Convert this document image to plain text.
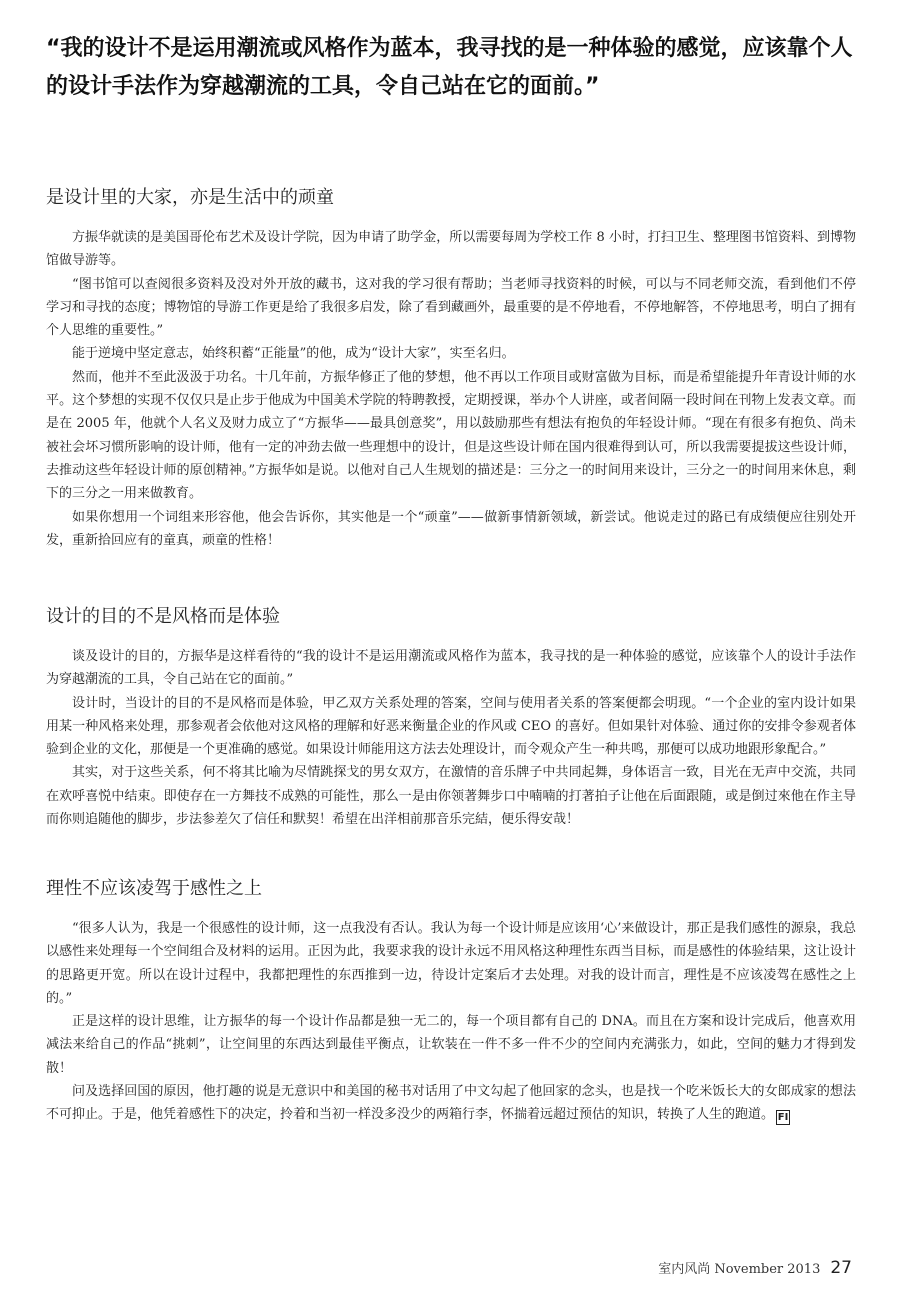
“我的设计不是运用潮流或风格作为蓝本，我寻找的是一种体验的感觉，应该靠个人的设计手法作为穿越潮流的工具，令自己站在它的面前。”
是设计里的大家，亦是生活中的顽童

方振华就读的是美国哥伦布艺术及设计学院，因为申请了助学金，所以需要每周为学校工作 8 小时，打扫卫生、整理图书馆资料、到博物馆做导游等。

“图书馆可以查阅很多资料及没对外开放的藏书，这对我的学习很有帮助；当老师寻找资料的时候，可以与不同老师交流，看到他们不停学习和寻找的态度；博物馆的导游工作更是给了我很多启发，除了看到藏画外，最重要的是不停地看，不停地解答，不停地思考，明白了拥有个人思维的重要性。”

能于逆境中坚定意志，始终积蓄“正能量”的他，成为“设计大家”，实至名归。

然而，他并不至此汲汲于功名。十几年前，方振华修正了他的梦想，他不再以工作项目或财富做为目标，而是希望能提升年青设计师的水平。这个梦想的实现不仅仅只是止步于他成为中国美术学院的特聘教授，定期授课，举办个人讲座，或者间隔一段时间在刊物上发表文章。而是在 2005 年，他就个人名义及财力成立了“方振华——最具创意奖”，用以鼓励那些有想法有抱负的年轻设计师。“现在有很多有抱负、尚未被社会坏习惯所影响的设计师，他有一定的冲劲去做一些理想中的设计，但是这些设计师在国内很难得到认可，所以我需要提拔这些设计师，去推动这些年轻设计师的原创精神。”方振华如是说。以他对自己人生规划的描述是：三分之一的时间用来设计，三分之一的时间用来休息，剩下的三分之一用来做教育。

如果你想用一个词组来形容他，他会告诉你，其实他是一个“顽童”——做新事情新领域，新尝试。他说走过的路已有成绩便应往别处开发，重新拾回应有的童真，顽童的性格！

设计的目的不是风格而是体验

谈及设计的目的，方振华是这样看待的“我的设计不是运用潮流或风格作为蓝本，我寻找的是一种体验的感觉，应该靠个人的设计手法作为穿越潮流的工具，令自己站在它的面前。”

设计时，当设计的目的不是风格而是体验，甲乙双方关系处理的答案，空间与使用者关系的答案便都会明现。“一个企业的室内设计如果用某一种风格来处理，那参观者会依他对这风格的理解和好恶来衡量企业的作风或 CEO 的喜好。但如果针对体验、通过你的安排令参观者体验到企业的文化，那便是一个更准确的感觉。如果设计师能用这方法去处理设计，而令观众产生一种共鸣，那便可以成功地跟形象配合。”

其实，对于这些关系，何不将其比喻为尽情跳探戈的男女双方，在激情的音乐牌子中共同起舞，身体语言一致，目光在无声中交流，共同在欢呼喜悦中结束。即使存在一方舞技不成熟的可能性，那么一是由你领著舞步口中喃喃的打著拍子让他在后面跟随，或是倒过來他在作主导而你则追随他的脚步，步法参差欠了信任和默契！希望在出洋相前那音乐完結，便乐得安哉！

理性不应该凌驾于感性之上

“很多人认为，我是一个很感性的设计师，这一点我没有否认。我认为每一个设计师是应该用‘心’来做设计，那正是我们感性的源泉，我总以感性来处理每一个空间组合及材料的运用。正因为此，我要求我的设计永远不用风格这种理性东西当目标，而是感性的体验结果，这让设计的思路更开宽。所以在设计过程中，我都把理性的东西推到一边，待设计定案后才去处理。对我的设计而言，理性是不应该凌驾在感性之上的。”

正是这样的设计思维，让方振华的每一个设计作品都是独一无二的，每一个项目都有自己的 DNA。而且在方案和设计完成后，他喜欢用减法来给自己的作品“挑刺”，让空间里的东西达到最佳平衡点，让软装在一件不多一件不少的空间内充满张力，如此，空间的魅力才得到发散！

问及选择回国的原因，他打趣的说是无意识中和美国的秘书对话用了中文勾起了他回家的念头，也是找一个吃米饭长大的女郎成家的想法不可抑止。于是，他凭着感性下的决定，拎着和当初一样没多没少的两箱行李，怀揣着远超过预估的知识，转换了人生的跑道。 FI

室内风尚 November 2013 27
